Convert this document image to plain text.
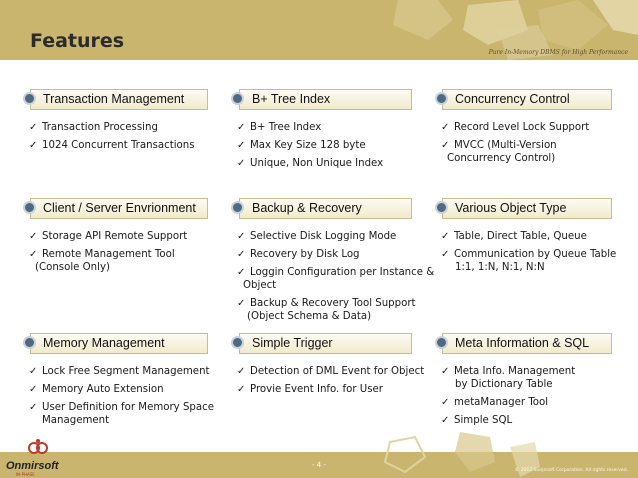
Features
Pure In-Memory DBMS for High Performance
Transaction Management
✓ Transaction Processing
✓ 1024 Concurrent Transactions
B+ Tree Index
✓ B+ Tree Index
✓ Max Key Size 128 byte
✓ Unique, Non Unique Index
Concurrency Control
✓ Record Level Lock Support
✓ MVCC (Multi-Version
Concurrency Control)
Client / Server Envrionment
✓ Storage API Remote Support
✓ Remote Management Tool
(Console Only)
Backup & Recovery
✓ Selective Disk Logging Mode
✓ Recovery by Disk Log
✓ Loggin Configuration per Instance &
Object
✓ Backup & Recovery Tool Support
(Object Schema & Data)
Various Object Type
✓ Table, Direct Table, Queue
✓ Communication by Queue Table
1:1, 1:N, N:1, N:N
Memory Management
✓ Lock Free Segment Management
✓ Memory Auto Extension
✓ User Definition for Memory Space
Management
Simple Trigger
✓ Detection of DML Event for Object
✓ Provie Event Info. for User
Meta Information & SQL
✓ Meta Info. Management
by Dictionary Table
✓ metaManager Tool
✓ Simple SQL
Onmirsoft
IN-PHASE
- 4 -
© 2012 Sunjesoft Corporation. All rights reserved.
